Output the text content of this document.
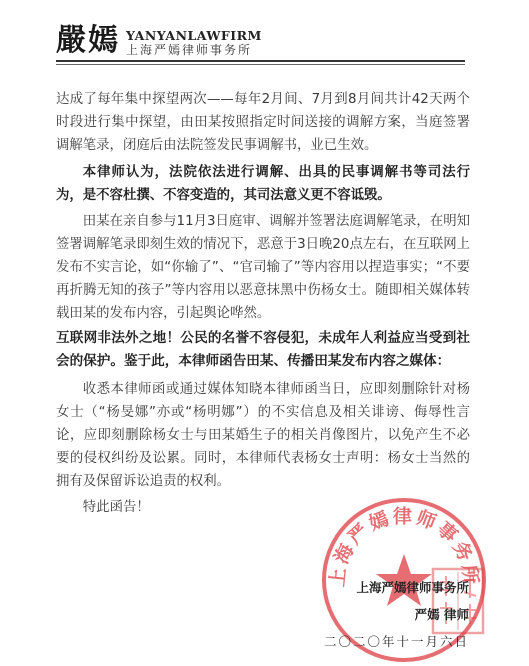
嚴嫣 YANYANLAWFIRM
上海严嫣律师事务所
达成了每年集中探望两次——每年2月间、7月到8月间共计42天两个时段进行集中探望，由田某按照指定时间送接的调解方案，当庭签署调解笔录，闭庭后由法院签发民事调解书，业已生效。
本律师认为，法院依法进行调解、出具的民事调解书等司法行为，是不容杜撰、不容变造的，其司法意义更不容诋毁。
田某在亲自参与11月3日庭审、调解并签署法庭调解笔录，在明知签署调解笔录即刻生效的情况下，恶意于3日晚20点左右，在互联网上发布不实言论，如“你输了”、“官司输了”等内容用以捏造事实；“不要再折腾无知的孩子”等内容用以恶意抹黑中伤杨女士。随即相关媒体转载田某的发布内容，引起舆论哗然。
互联网非法外之地！公民的名誉不容侵犯，未成年人利益应当受到社会的保护。鉴于此，本律师函告田某、传播田某发布内容之媒体：
收悉本律师函或通过媒体知晓本律师函当日，应即刻删除针对杨女士（“杨旻娜”亦或“杨明娜”）的不实信息及相关诽谤、侮辱性言论，应即刻删除杨女士与田某婚生子的相关肖像图片，以免产生不必要的侵权纠纷及讼累。同时，本律师代表杨女士声明：杨女士当然的拥有及保留诉讼追责的权利。
特此函告！
上海严嫣律师事务所
上海严嫣律师事务所
严嫣 律师
二〇二〇年十一月六日
